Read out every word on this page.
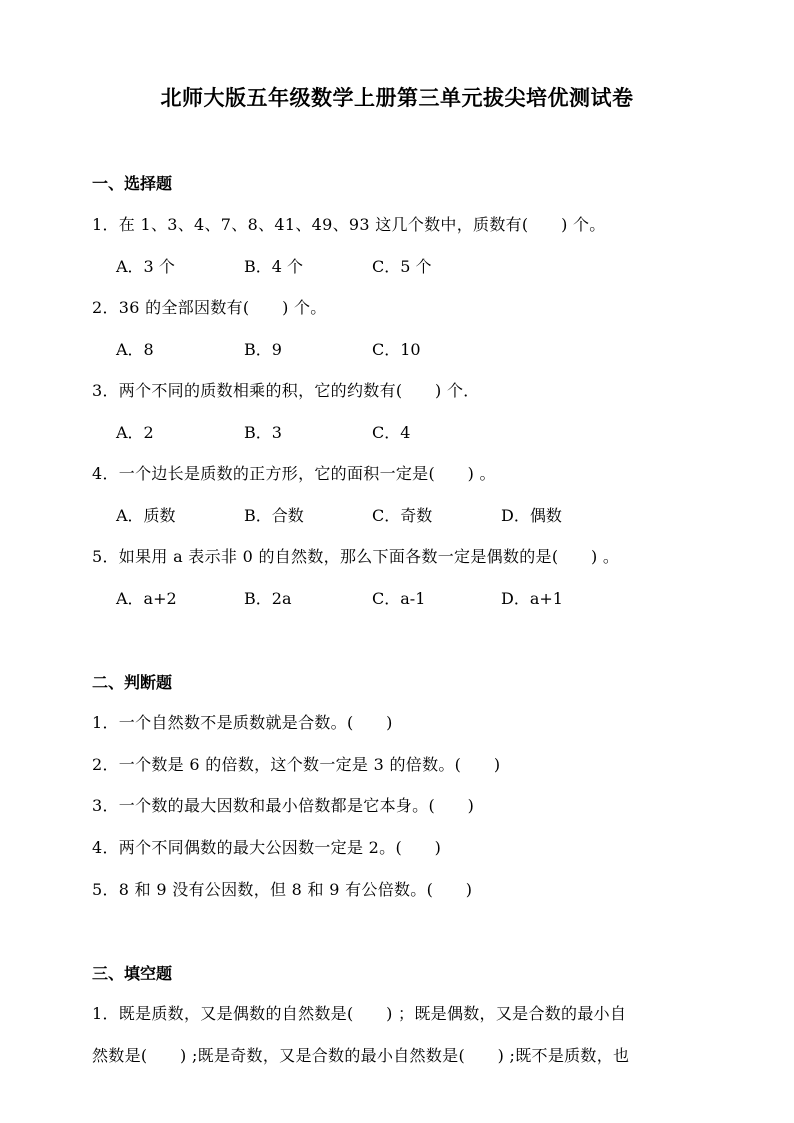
北师大版五年级数学上册第三单元拔尖培优测试卷
一、选择题
1．在 1、3、4、7、8、41、49、93 这几个数中，质数有(　　) 个。
A．3 个	B．4 个	C．5 个
2．36 的全部因数有(　　) 个。
A．8	B．9	C．10
3．两个不同的质数相乘的积，它的约数有(　　) 个．
A．2	B．3	C．4
4．一个边长是质数的正方形，它的面积一定是(　　) 。
A．质数	B．合数	C．奇数	D．偶数
5．如果用 a 表示非 0 的自然数，那么下面各数一定是偶数的是(　　) 。
A．a+2	B．2a	C．a-1	D．a+1
二、判断题
1．一个自然数不是质数就是合数。(　　)
2．一个数是 6 的倍数，这个数一定是 3 的倍数。(　　)
3．一个数的最大因数和最小倍数都是它本身。(　　)
4．两个不同偶数的最大公因数一定是 2。(　　)
5．8 和 9 没有公因数，但 8 和 9 有公倍数。(　　)
三、填空题
1．既是质数，又是偶数的自然数是(　　) ；既是偶数，又是合数的最小自
然数是(　　) ;既是奇数，又是合数的最小自然数是(　　) ;既不是质数，也
